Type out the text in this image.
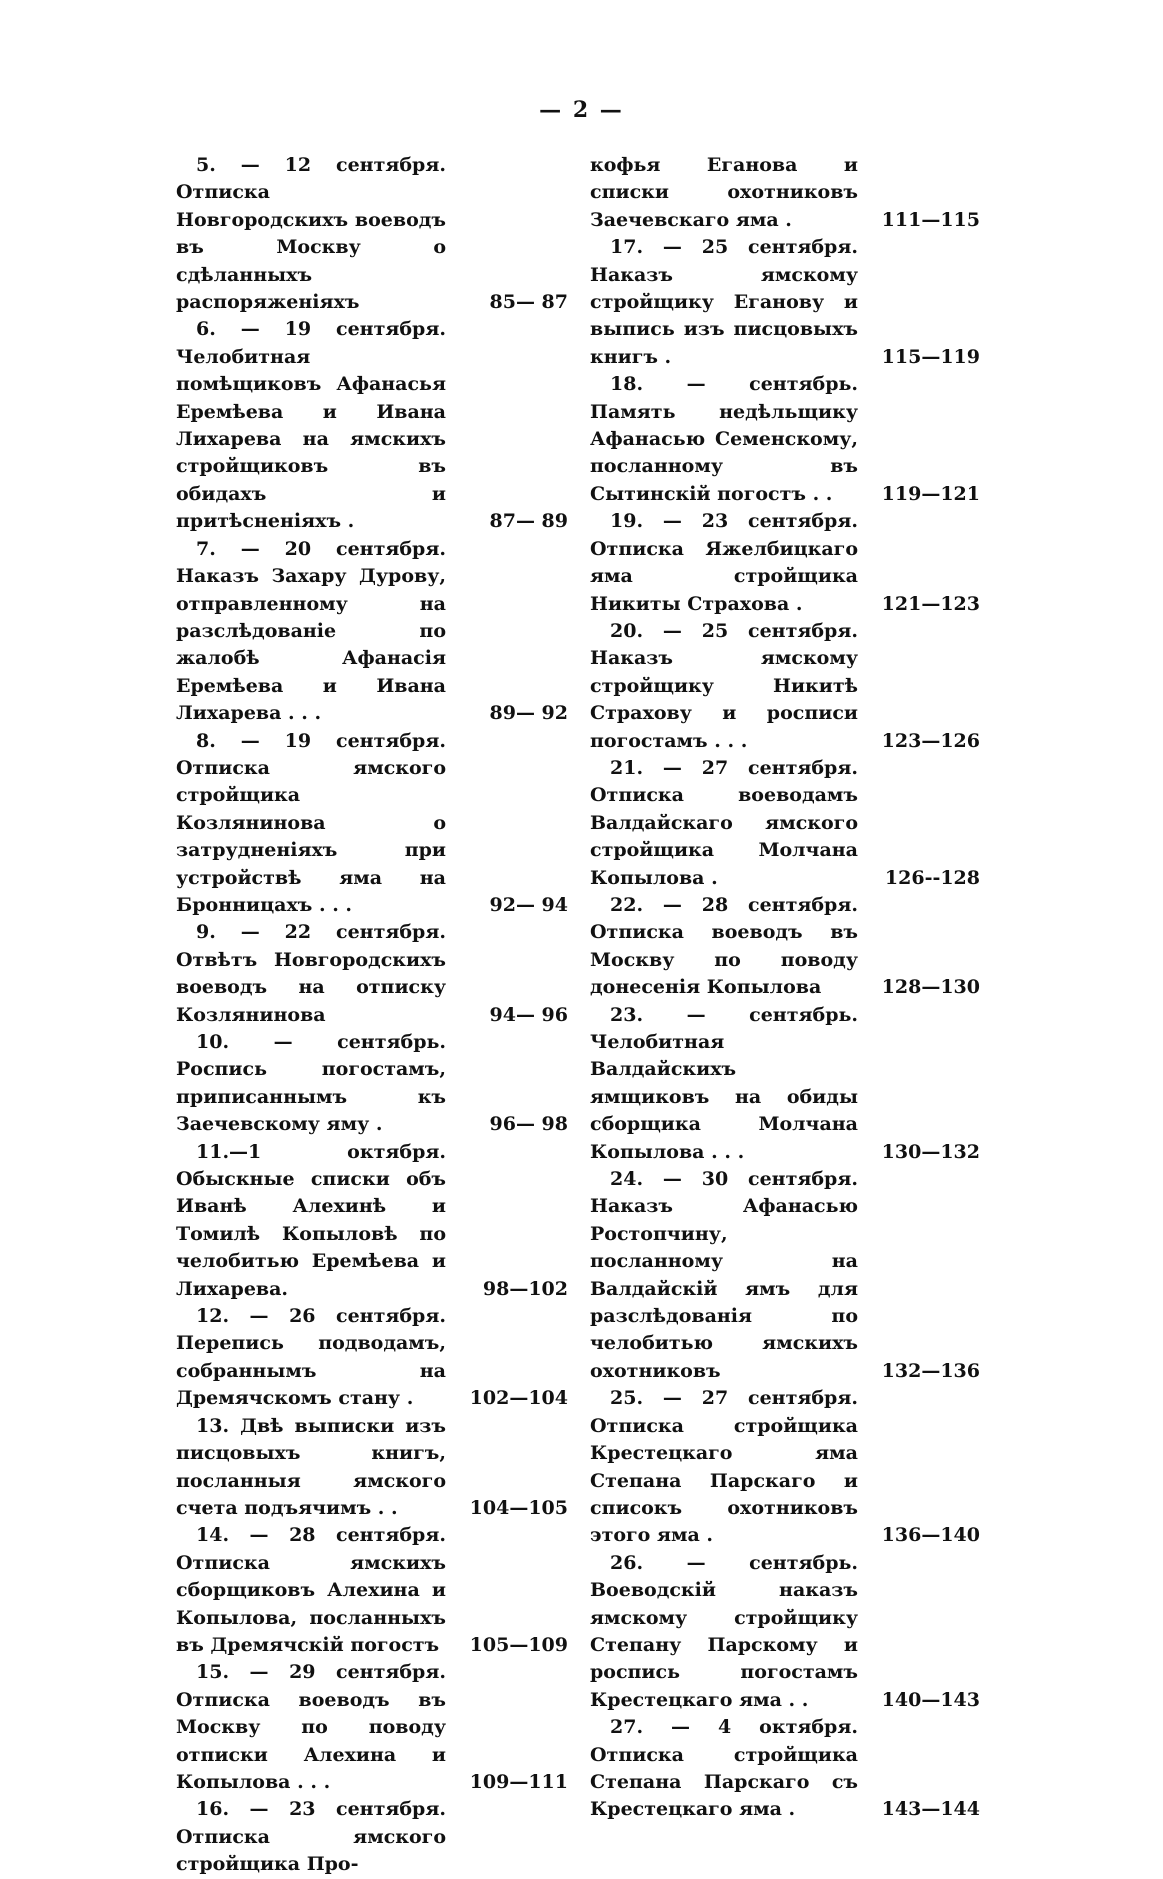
— 2 —
5. — 12 сентября. Отписка Новгородскихъ воеводъ въ Москву о сдѣланныхъ распоряженiяхъ	85— 87
6. — 19 сентября. Челобитная помѣщиковъ Афанасья Еремѣева и Ивана Лихарева на ямскихъ стройщиковъ въ обидахъ и притѣсненiяхъ .	87— 89
7. — 20 сентября. Наказъ Захару Дурову, отправленному на разслѣдованiе по жалобѣ Афанасiя Еремѣева и Ивана Лихарева . . .	89— 92
8. — 19 сентября. Отписка ямского стройщика Козлянинова о затрудненiяхъ при устройствѣ яма на Бронницахъ . . .	92— 94
9. — 22 сентября. Отвѣтъ Новгородскихъ воеводъ на отписку Козлянинова	94— 96
10. — сентябрь. Роспись погостамъ, приписаннымъ къ Заечевскому яму .	96— 98
11.—1 октября. Обыскные списки объ Иванѣ Алехинѣ и Томилѣ Копыловѣ по челобитью Еремѣева и Лихарева.	98—102
12. — 26 сентября. Перепись подводамъ, собраннымъ на Дремячскомъ стану .	102—104
13. Двѣ выписки изъ писцовыхъ книгъ, посланныя ямского счета подъячимъ . .	104—105
14. — 28 сентября. Отписка ямскихъ сборщиковъ Алехина и Копылова, посланныхъ въ Дремячскiй погостъ	105—109
15. — 29 сентября. Отписка воеводъ въ Москву по поводу отписки Алехина и Копылова . . .	109—111
16. — 23 сентября. Отписка ямского стройщика Про-
кофья Еганова и списки охотниковъ Заечевскаго яма .	111—115
17. — 25 сентября. Наказъ ямскому стройщику Еганову и выпись изъ писцовыхъ книгъ .	115—119
18. — сентябрь. Память недѣльщику Афанасью Семенскому, посланному въ Сытинскiй погостъ . .	119—121
19. — 23 сентября. Отписка Яжелбицкаго яма стройщика Никиты Страхова .	121—123
20. — 25 сентября. Наказъ ямскому стройщику Никитѣ Страхову и росписи погостамъ . . .	123—126
21. — 27 сентября. Отписка воеводамъ Валдайскаго ямского стройщика Молчана Копылова .	126--128
22. — 28 сентября. Отписка воеводъ въ Москву по поводу донесенiя Копылова	128—130
23. — сентябрь. Челобитная Валдайскихъ ямщиковъ на обиды сборщика Молчана Копылова . . .	130—132
24. — 30 сентября. Наказъ Афанасью Ростопчину, посланному на Валдайскiй ямъ для разслѣдованiя по челобитью ямскихъ охотниковъ	132—136
25. — 27 сентября. Отписка стройщика Крестецкаго яма Степана Парскаго и списокъ охотниковъ этого яма .	136—140
26. — сентябрь. Воеводскiй наказъ ямскому стройщику Степану Парскому и роспись погостамъ Крестецкаго яма . .	140—143
27. — 4 октября. Отписка стройщика Степана Парскаго съ Крестецкаго яма .	143—144
